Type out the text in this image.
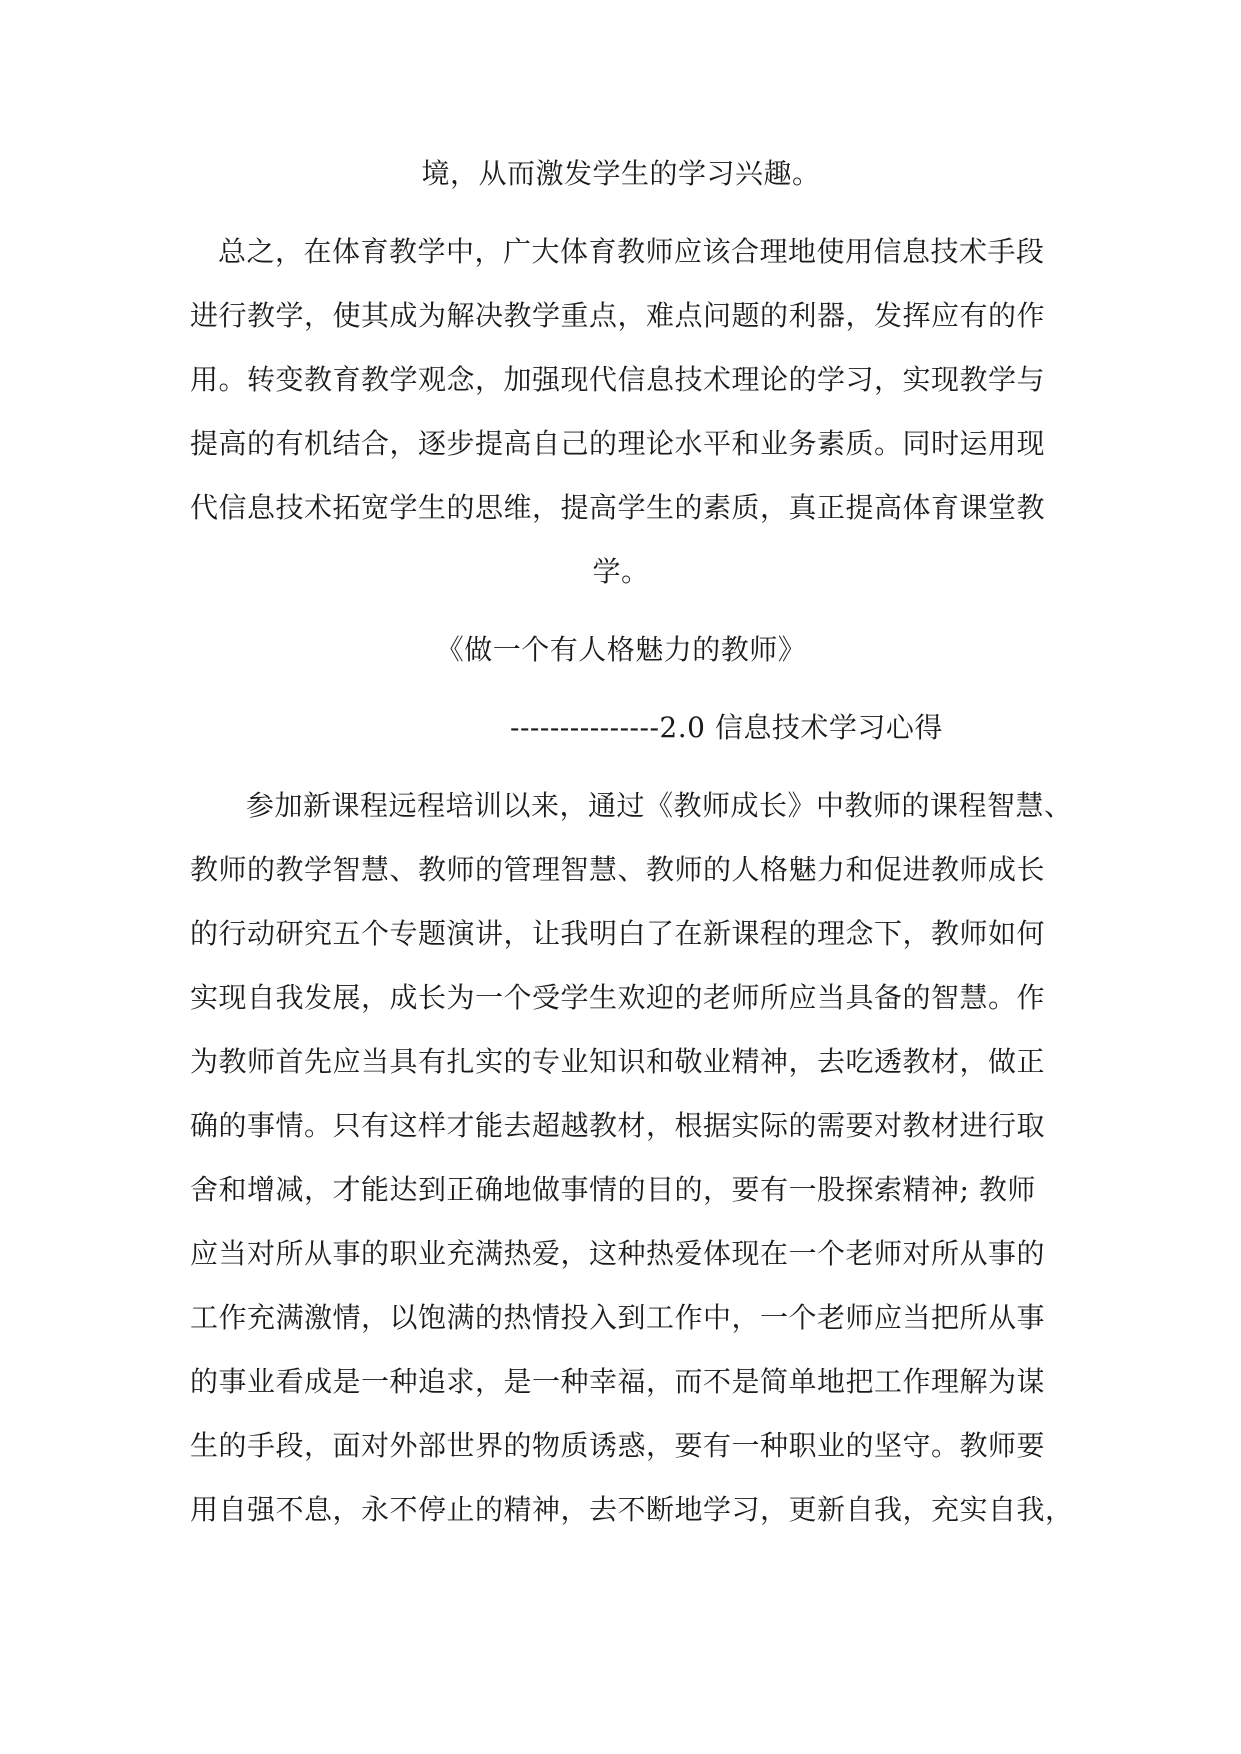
境，从而激发学生的学习兴趣。
总之，在体育教学中，广大体育教师应该合理地使用信息技术手段
进行教学，使其成为解决教学重点，难点问题的利器，发挥应有的作
用。转变教育教学观念，加强现代信息技术理论的学习，实现教学与
提高的有机结合，逐步提高自己的理论水平和业务素质。同时运用现
代信息技术拓宽学生的思维，提高学生的素质，真正提高体育课堂教
学。
《做一个有人格魅力的教师》
---------------2.0 信息技术学习心得
参加新课程远程培训以来，通过《教师成长》中教师的课程智慧、
教师的教学智慧、教师的管理智慧、教师的人格魅力和促进教师成长
的行动研究五个专题演讲，让我明白了在新课程的理念下，教师如何
实现自我发展，成长为一个受学生欢迎的老师所应当具备的智慧。作
为教师首先应当具有扎实的专业知识和敬业精神，去吃透教材，做正
确的事情。只有这样才能去超越教材，根据实际的需要对教材进行取
舍和增减，才能达到正确地做事情的目的，要有一股探索精神; 教师
应当对所从事的职业充满热爱，这种热爱体现在一个老师对所从事的
工作充满激情，以饱满的热情投入到工作中，一个老师应当把所从事
的事业看成是一种追求，是一种幸福，而不是简单地把工作理解为谋
生的手段，面对外部世界的物质诱惑，要有一种职业的坚守。教师要
用自强不息，永不停止的精神，去不断地学习，更新自我，充实自我，
